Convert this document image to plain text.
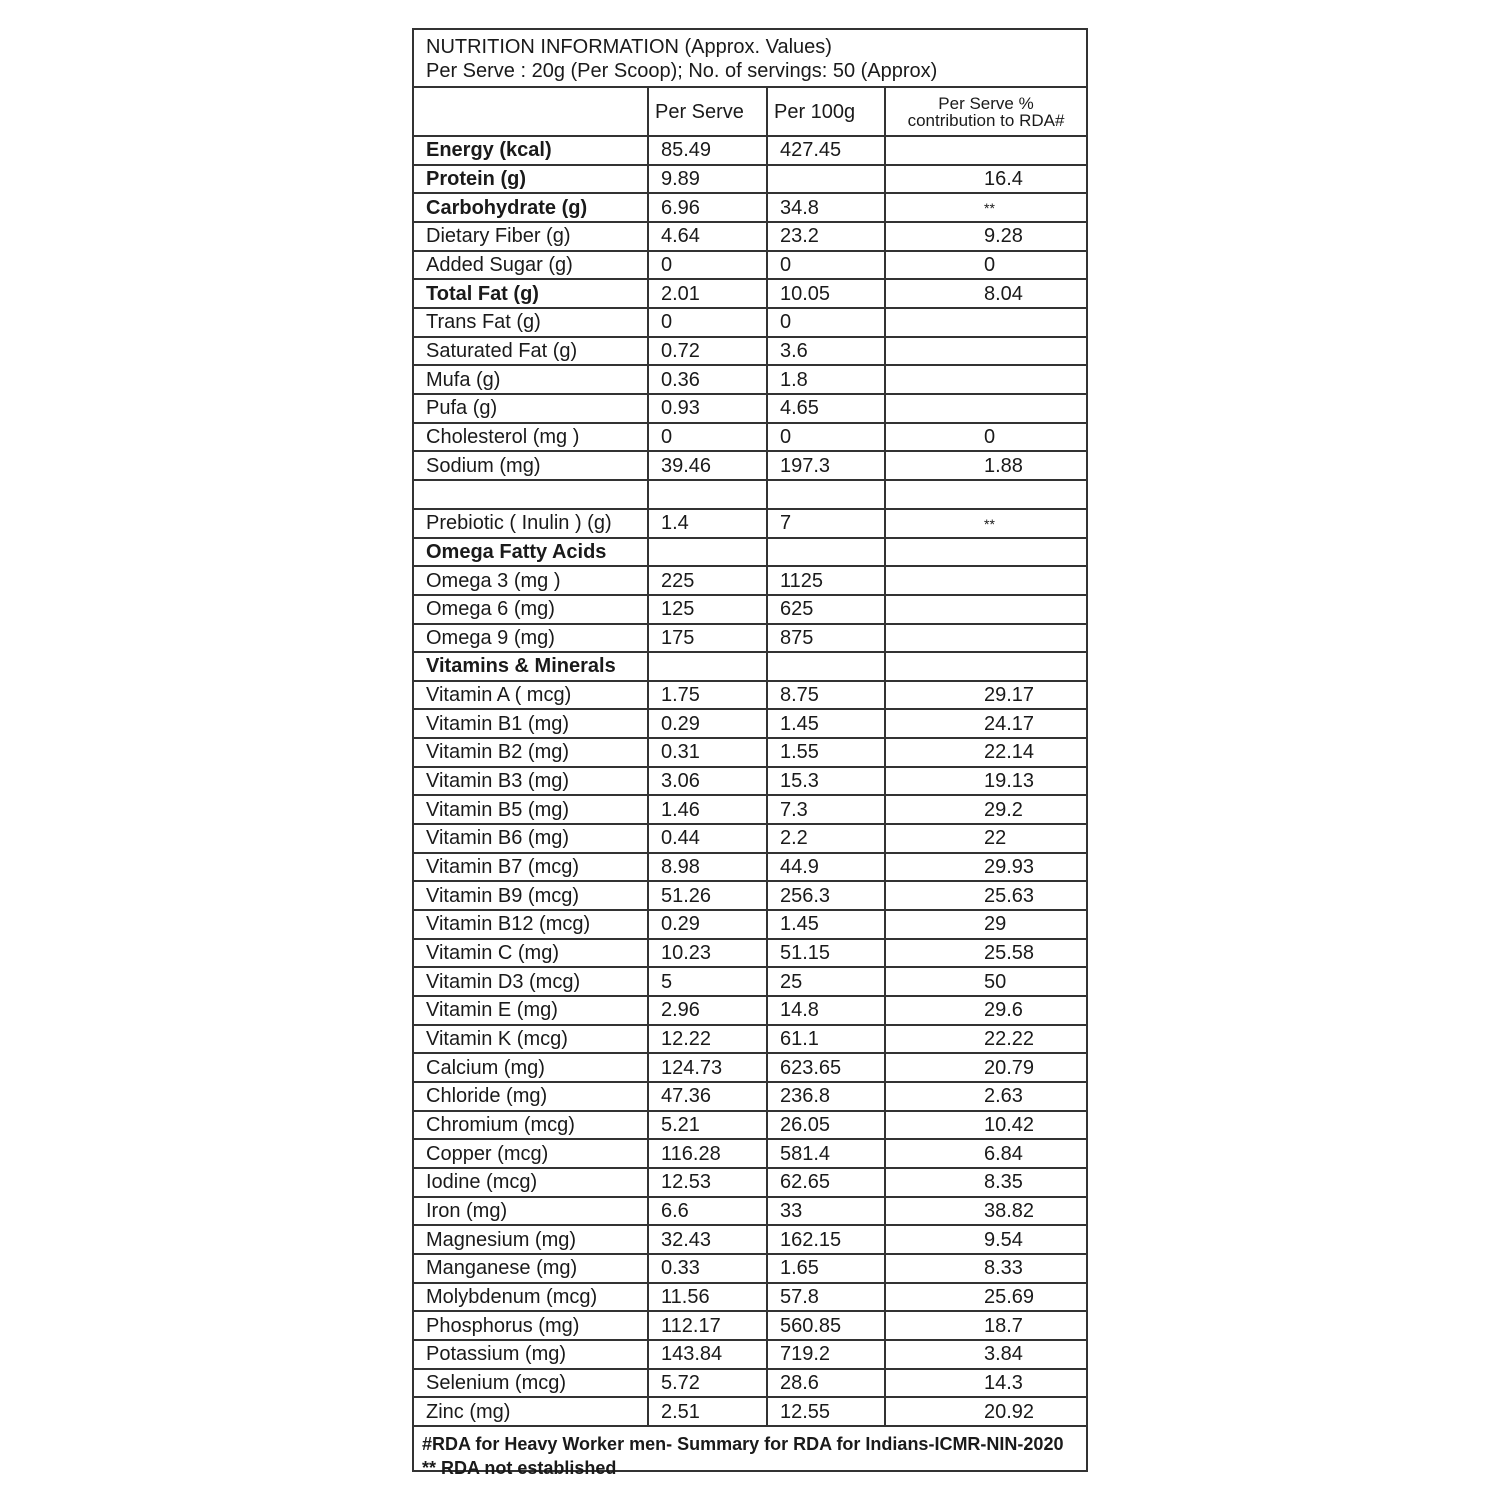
NUTRITION INFORMATION (Approx. Values)
Per Serve : 20g (Per Scoop); No. of servings: 50 (Approx)
	Per Serve	Per 100g	Per Serve %
contribution to RDA#
Energy (kcal)	85.49	427.45	
Protein (g)	9.89		16.4
Carbohydrate (g)	6.96	34.8	**
Dietary Fiber (g)	4.64	23.2	9.28
Added Sugar (g)	0	0	0
Total Fat (g)	2.01	10.05	8.04
Trans Fat (g)	0	0	
Saturated Fat (g)	0.72	3.6	
Mufa (g)	0.36	1.8	
Pufa (g)	0.93	4.65	
Cholesterol (mg )	0	0	0
Sodium (mg)	39.46	197.3	1.88

Prebiotic ( Inulin ) (g)	1.4	7	**
Omega Fatty Acids			
Omega 3 (mg )	225	1125	
Omega 6 (mg)	125	625	
Omega 9 (mg)	175	875	
Vitamins & Minerals			
Vitamin A ( mcg)	1.75	8.75	29.17
Vitamin B1 (mg)	0.29	1.45	24.17
Vitamin B2 (mg)	0.31	1.55	22.14
Vitamin B3 (mg)	3.06	15.3	19.13
Vitamin B5 (mg)	1.46	7.3	29.2
Vitamin B6 (mg)	0.44	2.2	22
Vitamin B7 (mcg)	8.98	44.9	29.93
Vitamin B9 (mcg)	51.26	256.3	25.63
Vitamin B12 (mcg)	0.29	1.45	29
Vitamin C (mg)	10.23	51.15	25.58
Vitamin D3 (mcg)	5	25	50
Vitamin E (mg)	2.96	14.8	29.6
Vitamin K (mcg)	12.22	61.1	22.22
Calcium (mg)	124.73	623.65	20.79
Chloride (mg)	47.36	236.8	2.63
Chromium (mcg)	5.21	26.05	10.42
Copper (mcg)	116.28	581.4	6.84
Iodine (mcg)	12.53	62.65	8.35
Iron (mg)	6.6	33	38.82
Magnesium (mg)	32.43	162.15	9.54
Manganese (mg)	0.33	1.65	8.33
Molybdenum (mcg)	11.56	57.8	25.69
Phosphorus (mg)	112.17	560.85	18.7
Potassium (mg)	143.84	719.2	3.84
Selenium (mcg)	5.72	28.6	14.3
Zinc (mg)	2.51	12.55	20.92
#RDA for Heavy Worker men- Summary for RDA for Indians-ICMR-NIN-2020
** RDA not established
